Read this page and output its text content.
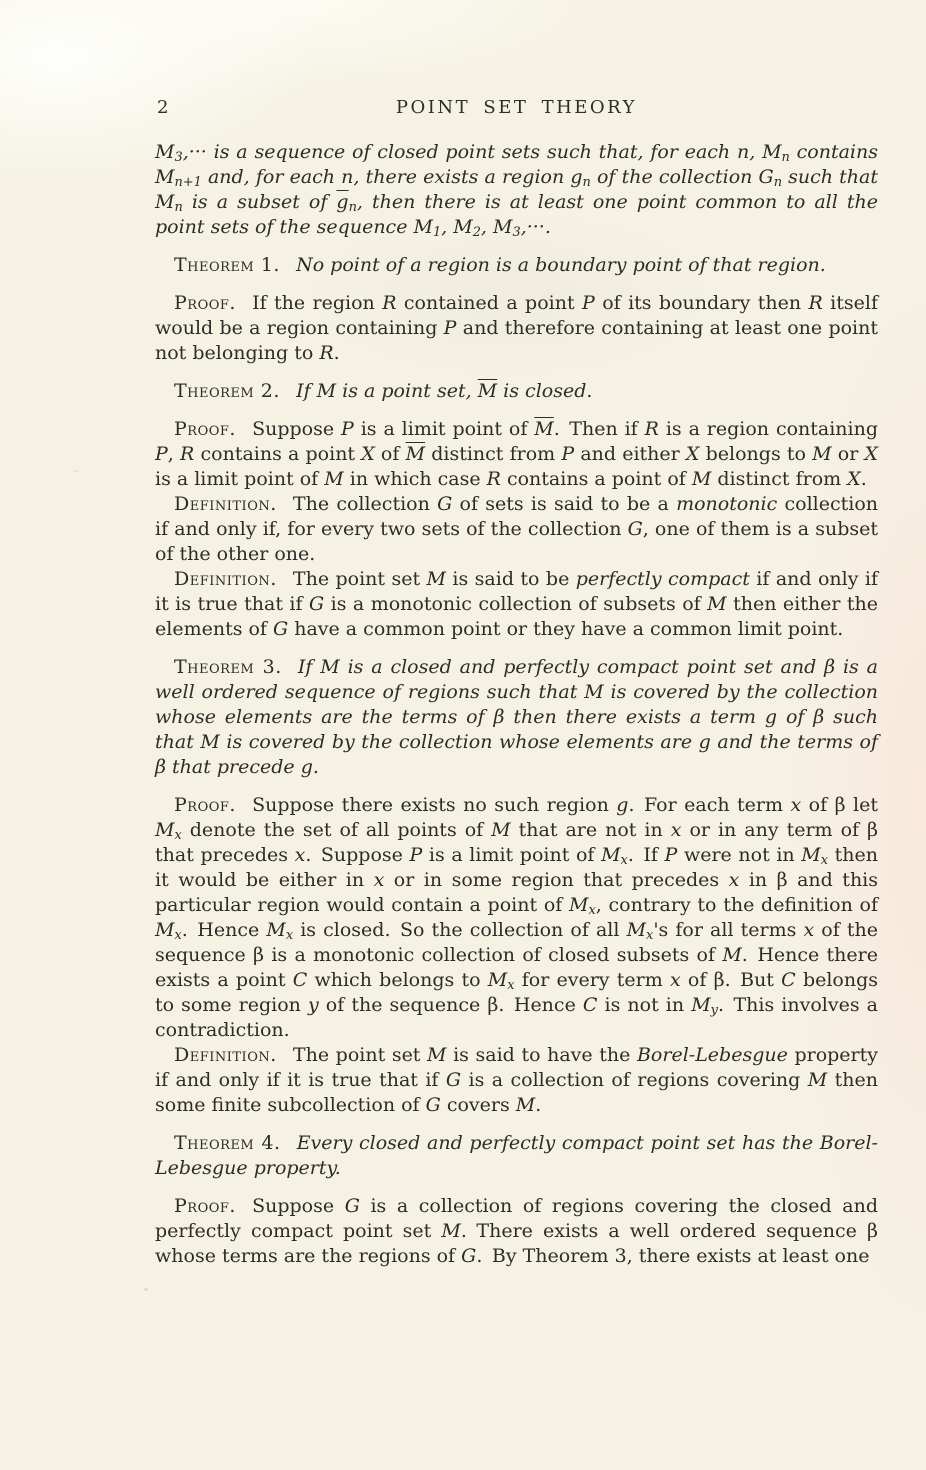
2	POINT SET THEORY

$M_3,\cdot\cdot\cdot$ is a sequence of closed point sets such that, for each n, $M_n$ contains $M_{n+1}$ and, for each n, there exists a region $g_n$ of the collection $G_n$ such that $M_n$ is a subset of $\overline{g}_n$, then there is at least one point common to all the point sets of the sequence $M_1$, $M_2$, $M_3,\cdot\cdot\cdot$.

Theorem 1. No point of a region is a boundary point of that region.

Proof. If the region R contained a point P of its boundary then R itself would be a region containing P and therefore containing at least one point not belonging to R.

Theorem 2. If M is a point set, $\overline{M}$ is closed.

Proof. Suppose P is a limit point of $\overline{M}$. Then if R is a region containing P, R contains a point X of $\overline{M}$ distinct from P and either X belongs to M or X is a limit point of M in which case R contains a point of M distinct from X.

Definition. The collection G of sets is said to be a monotonic collection if and only if, for every two sets of the collection G, one of them is a subset of the other one.

Definition. The point set M is said to be perfectly compact if and only if it is true that if G is a monotonic collection of subsets of M then either the elements of G have a common point or they have a common limit point.

Theorem 3. If M is a closed and perfectly compact point set and β is a well ordered sequence of regions such that M is covered by the collection whose elements are the terms of β then there exists a term g of β such that M is covered by the collection whose elements are g and the terms of β that precede g.

Proof. Suppose there exists no such region g. For each term x of β let $M_x$ denote the set of all points of M that are not in x or in any term of β that precedes x. Suppose P is a limit point of $M_x$. If P were not in $M_x$ then it would be either in x or in some region that precedes x in β and this particular region would contain a point of $M_x$, contrary to the definition of $M_x$. Hence $M_x$ is closed. So the collection of all $M_x's$ for all terms x of the sequence β is a monotonic collection of closed subsets of M. Hence there exists a point C which belongs to $M_x$ for every term x of β. But C belongs to some region y of the sequence β. Hence C is not in $M_y$. This involves a contradiction.

Definition. The point set M is said to have the Borel-Lebesgue property if and only if it is true that if G is a collection of regions covering M then some finite subcollection of G covers M.

Theorem 4. Every closed and perfectly compact point set has the Borel-Lebesgue property.

Proof. Suppose G is a collection of regions covering the closed and perfectly compact point set M. There exists a well ordered sequence β whose terms are the regions of G. By Theorem 3, there exists at least one
